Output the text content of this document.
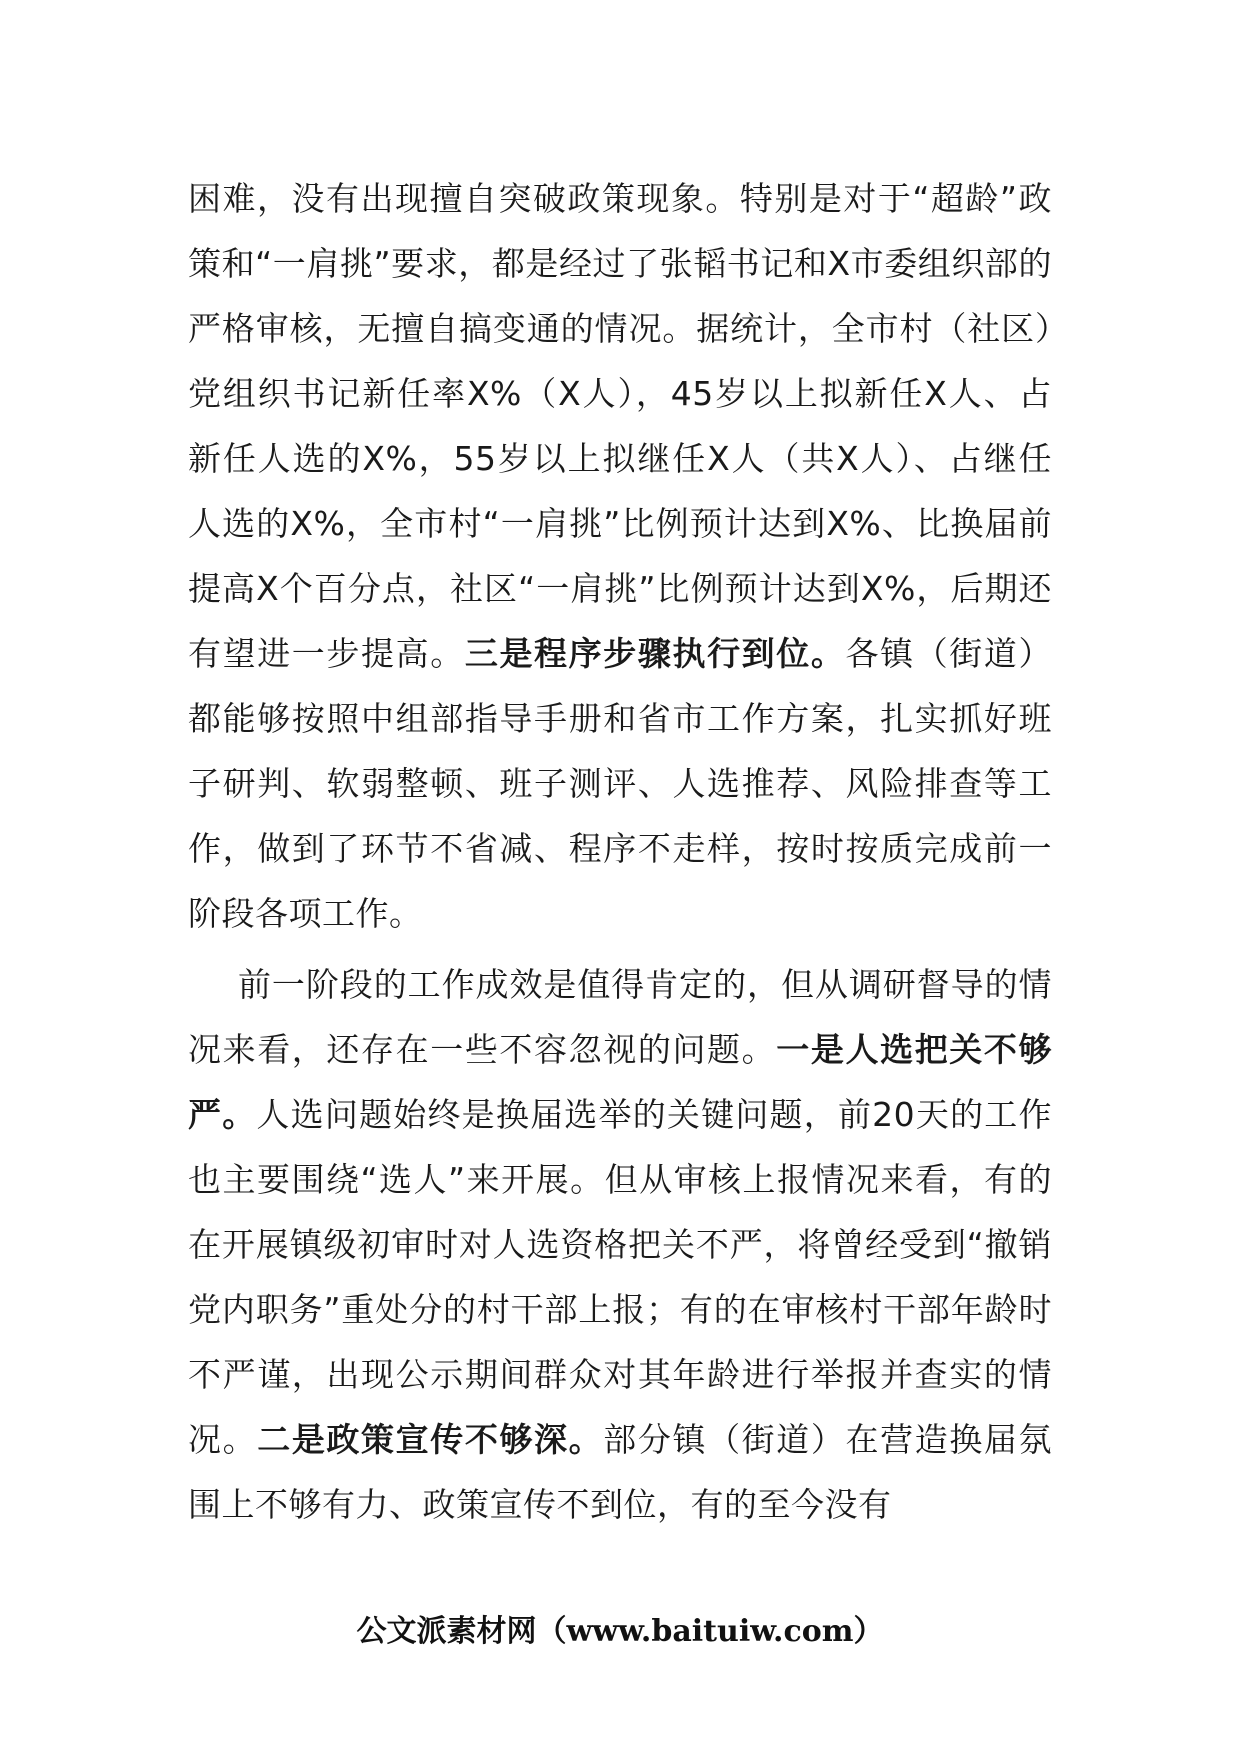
困难，没有出现擅自突破政策现象。特别是对于“超龄”政策和“一肩挑”要求，都是经过了张韬书记和X市委组织部的严格审核，无擅自搞变通的情况。据统计，全市村（社区）党组织书记新任率X%（X人），45岁以上拟新任X人、占新任人选的X%，55岁以上拟继任X人（共X人）、占继任人选的X%，全市村“一肩挑”比例预计达到X%、比换届前提高X个百分点，社区“一肩挑”比例预计达到X%，后期还有望进一步提高。三是程序步骤执行到位。各镇（街道）都能够按照中组部指导手册和省市工作方案，扎实抓好班子研判、软弱整顿、班子测评、人选推荐、风险排查等工作，做到了环节不省减、程序不走样，按时按质完成前一阶段各项工作。

前一阶段的工作成效是值得肯定的，但从调研督导的情况来看，还存在一些不容忽视的问题。一是人选把关不够严。人选问题始终是换届选举的关键问题，前20天的工作也主要围绕“选人”来开展。但从审核上报情况来看，有的在开展镇级初审时对人选资格把关不严，将曾经受到“撤销党内职务”重处分的村干部上报；有的在审核村干部年龄时不严谨，出现公示期间群众对其年龄进行举报并查实的情况。二是政策宣传不够深。部分镇（街道）在营造换届氛围上不够有力、政策宣传不到位，有的至今没有

公文派素材网（www.baituiw.com）
